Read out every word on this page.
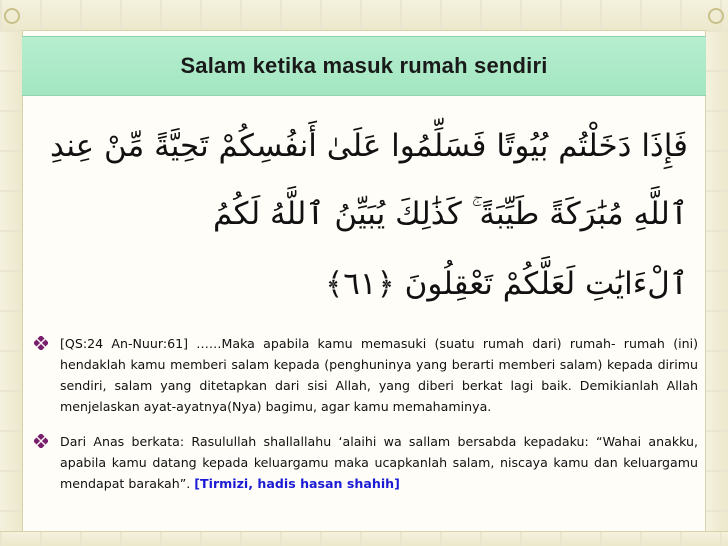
Salam ketika masuk rumah sendiri
فَإِذَا دَخَلْتُم بُيُوتًا فَسَلِّمُوا عَلَىٰ أَنفُسِكُمْ تَحِيَّةً مِّنْ عِندِ
ٱللَّهِ مُبَٰرَكَةً طَيِّبَةً ۚ كَذَٰلِكَ يُبَيِّنُ ٱللَّهُ لَكُمُ
ٱلْءَايَٰتِ لَعَلَّكُمْ تَعْقِلُونَ ﴿٦١﴾
[QS:24 An-Nuur:61] ……Maka apabila kamu memasuki (suatu rumah dari) rumah- rumah (ini) hendaklah kamu memberi salam kepada (penghuninya yang berarti memberi salam) kepada dirimu sendiri, salam yang ditetapkan dari sisi Allah, yang diberi berkat lagi baik. Demikianlah Allah menjelaskan ayat-ayatnya(Nya) bagimu, agar kamu memahaminya.
Dari Anas berkata: Rasulullah shallallahu ‘alaihi wa sallam bersabda kepadaku: “Wahai anakku, apabila kamu datang kepada keluargamu maka ucapkanlah salam, niscaya kamu dan keluargamu mendapat barakah”. [Tirmizi, hadis hasan shahih]
